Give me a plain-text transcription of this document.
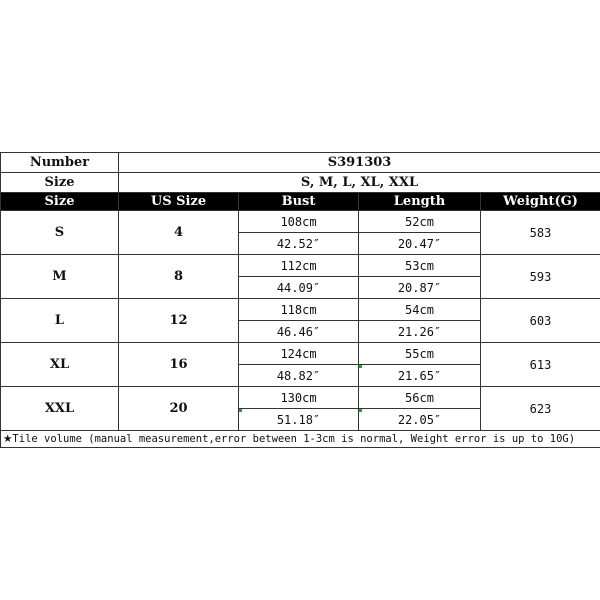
Number	S391303			
Size	S, M, L, XL, XXL			
Size	US Size	Bust	Length	Weight(G)
S	4	108cm	52cm	583
		42.52″	20.47″	
M	8	112cm	53cm	593
		44.09″	20.87″	
L	12	118cm	54cm	603
		46.46″	21.26″	
XL	16	124cm	55cm	613
		48.82″	21.65″	
XXL	20	130cm	56cm	623
		51.18″	22.05″	
★Tile volume (manual measurement,error between 1-3cm is normal, Weight error is up to 10G)				
